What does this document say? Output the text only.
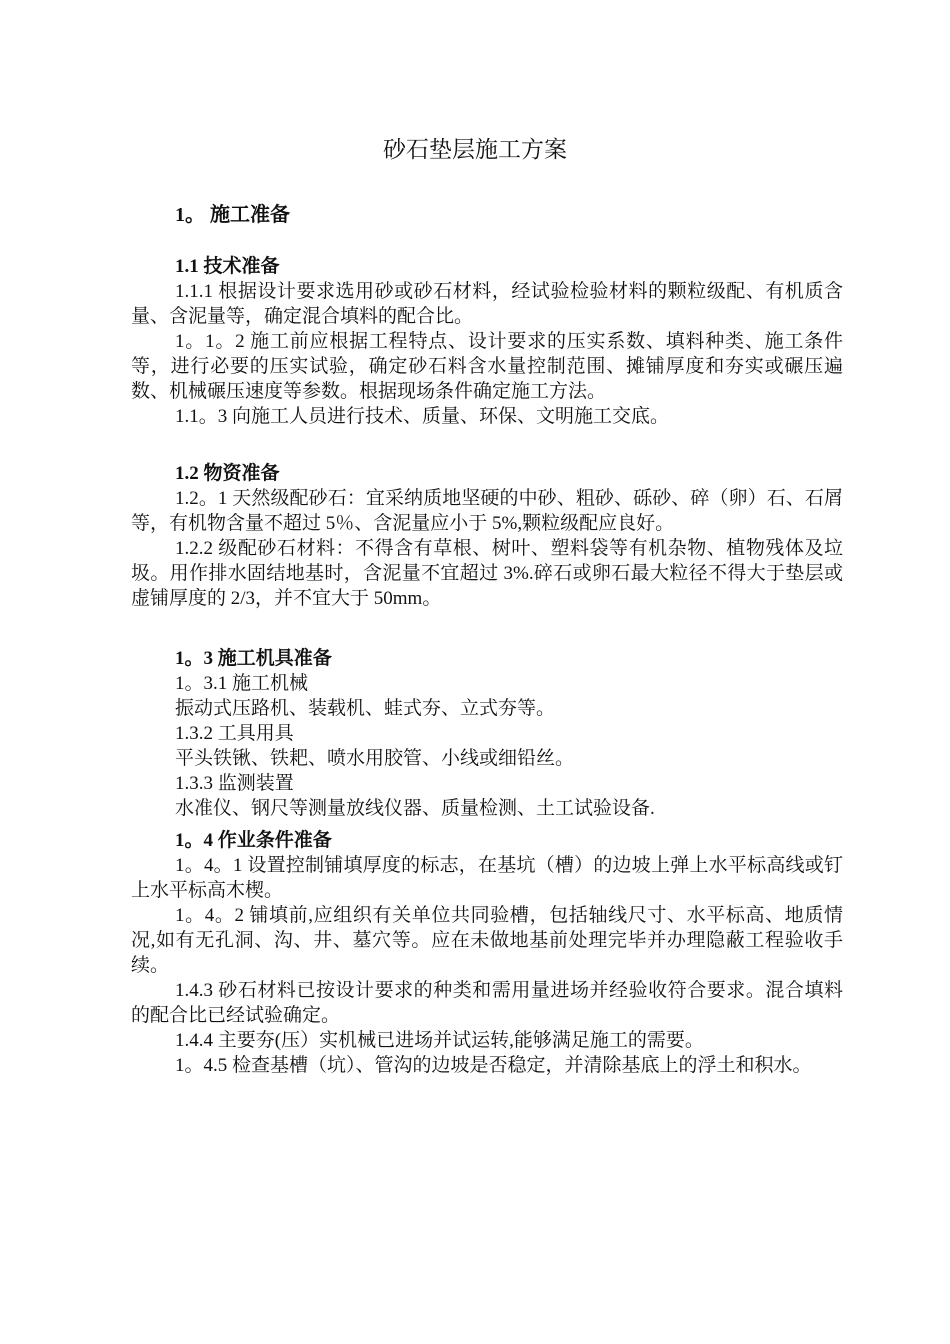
砂石垫层施工方案
1。 施工准备
1.1 技术准备

1.1.1 根据设计要求选用砂或砂石材料，经试验检验材料的颗粒级配、有机质含量、含泥量等，确定混合填料的配合比。

1。1。2 施工前应根据工程特点、设计要求的压实系数、填料种类、施工条件等，进行必要的压实试验，确定砂石料含水量控制范围、摊铺厚度和夯实或碾压遍数、机械碾压速度等参数。根据现场条件确定施工方法。

1.1。3 向施工人员进行技术、质量、环保、文明施工交底。

1.2 物资准备

1.2。1 天然级配砂石：宜采纳质地坚硬的中砂、粗砂、砾砂、碎（卵）石、石屑等，有机物含量不超过 5％、含泥量应小于 5%,颗粒级配应良好。

1.2.2 级配砂石材料：不得含有草根、树叶、塑料袋等有机杂物、植物残体及垃圾。用作排水固结地基时，含泥量不宜超过 3%.碎石或卵石最大粒径不得大于垫层或虚铺厚度的 2/3，并不宜大于 50mm。

1。3 施工机具准备
1。3.1 施工机械
振动式压路机、装载机、蛙式夯、立式夯等。
1.3.2 工具用具
平头铁锹、铁耙、喷水用胶管、小线或细铅丝。
1.3.3 监测装置
水准仪、钢尺等测量放线仪器、质量检测、土工试验设备.
1。4 作业条件准备

1。4。1 设置控制铺填厚度的标志，在基坑（槽）的边坡上弹上水平标高线或钉上水平标高木楔。

1。4。2 铺填前,应组织有关单位共同验槽，包括轴线尺寸、水平标高、地质情况,如有无孔洞、沟、井、墓穴等。应在未做地基前处理完毕并办理隐蔽工程验收手续。

1.4.3 砂石材料已按设计要求的种类和需用量进场并经验收符合要求。混合填料的配合比已经试验确定。

1.4.4 主要夯(压）实机械已进场并试运转,能够满足施工的需要。

1。4.5 检查基槽（坑）、管沟的边坡是否稳定，并清除基底上的浮土和积水。
